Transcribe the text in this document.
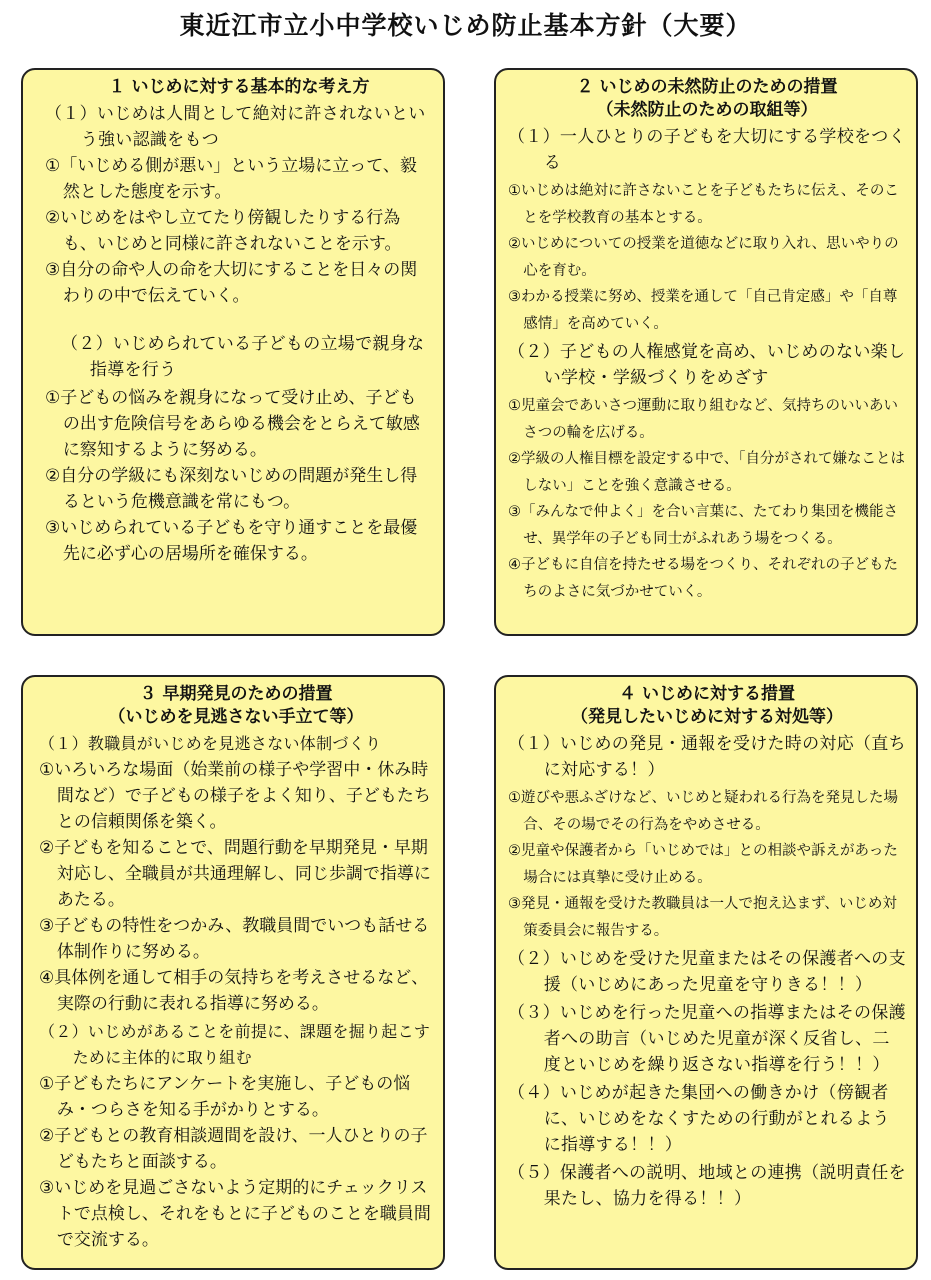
東近江市立小中学校いじめ防止基本方針（大要）
１ いじめに対する基本的な考え方
（１）いじめは人間として絶対に許されないという強い認識をもつ
①「いじめる側が悪い」という立場に立って、毅然とした態度を示す。
②いじめをはやし立てたり傍観したりする行為も、いじめと同様に許されないことを示す。
③自分の命や人の命を大切にすることを日々の関わりの中で伝えていく。
（２）いじめられている子どもの立場で親身な指導を行う
①子どもの悩みを親身になって受け止め、子どもの出す危険信号をあらゆる機会をとらえて敏感に察知するように努める。
②自分の学級にも深刻ないじめの問題が発生し得るという危機意識を常にもつ。
③いじめられている子どもを守り通すことを最優先に必ず心の居場所を確保する。
２ いじめの未然防止のための措置
（未然防止のための取組等）
（１）一人ひとりの子どもを大切にする学校をつくる
①いじめは絶対に許さないことを子どもたちに伝え、そのことを学校教育の基本とする。
②いじめについての授業を道徳などに取り入れ、思いやりの心を育む。
③わかる授業に努め、授業を通して「自己肯定感」や「自尊感情」を高めていく。
（２）子どもの人権感覚を高め、いじめのない楽しい学校・学級づくりをめざす
①児童会であいさつ運動に取り組むなど、気持ちのいいあいさつの輪を広げる。
②学級の人権目標を設定する中で、「自分がされて嫌なことはしない」ことを強く意識させる。
③「みんなで仲よく」を合い言葉に、たてわり集団を機能させ、異学年の子ども同士がふれあう場をつくる。
④子どもに自信を持たせる場をつくり、それぞれの子どもたちのよさに気づかせていく。
３ 早期発見のための措置
（いじめを見逃さない手立て等）
（１）教職員がいじめを見逃さない体制づくり
①いろいろな場面（始業前の様子や学習中・休み時間など）で子どもの様子をよく知り、子どもたちとの信頼関係を築く。
②子どもを知ることで、問題行動を早期発見・早期対応し、全職員が共通理解し、同じ歩調で指導にあたる。
③子どもの特性をつかみ、教職員間でいつも話せる体制作りに努める。
④具体例を通して相手の気持ちを考えさせるなど、実際の行動に表れる指導に努める。
（２）いじめがあることを前提に、課題を掘り起こすために主体的に取り組む
①子どもたちにアンケートを実施し、子どもの悩み・つらさを知る手がかりとする。
②子どもとの教育相談週間を設け、一人ひとりの子どもたちと面談する。
③いじめを見過ごさないよう定期的にチェックリストで点検し、それをもとに子どものことを職員間で交流する。
４ いじめに対する措置
（発見したいじめに対する対処等）
（１）いじめの発見・通報を受けた時の対応（直ちに対応する！）
①遊びや悪ふざけなど、いじめと疑われる行為を発見した場合、その場でその行為をやめさせる。
②児童や保護者から「いじめでは」との相談や訴えがあった場合には真摯に受け止める。
③発見・通報を受けた教職員は一人で抱え込まず、いじめ対策委員会に報告する。
（２）いじめを受けた児童またはその保護者への支援（いじめにあった児童を守りきる！！）
（３）いじめを行った児童への指導またはその保護者への助言（いじめた児童が深く反省し、二度といじめを繰り返さない指導を行う！！）
（４）いじめが起きた集団への働きかけ（傍観者に、いじめをなくすための行動がとれるように指導する！！）
（５）保護者への説明、地域との連携（説明責任を果たし、協力を得る！！）
